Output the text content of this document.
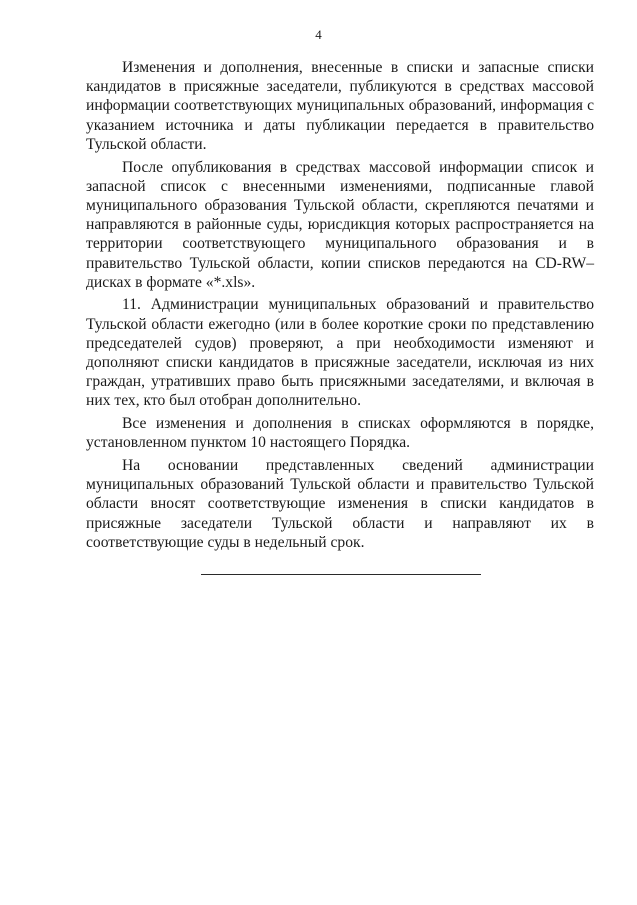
4

Изменения и дополнения, внесенные в списки и запасные списки кандидатов в присяжные заседатели, публикуются в средствах массовой информации соответствующих муниципальных образований, информация с указанием источника и даты публикации передается в правительство Тульской области.

После опубликования в средствах массовой информации список и запасной список с внесенными изменениями, подписанные главой муниципального образования Тульской области, скрепляются печатями и направляются в районные суды, юрисдикция которых распространяется на территории соответствующего муниципального образования и в правительство Тульской области, копии списков передаются на CD-RW–дисках в формате «*.xls».

11. Администрации муниципальных образований и правительство Тульской области ежегодно (или в более короткие сроки по представлению председателей судов) проверяют, а при необходимости изменяют и дополняют списки кандидатов в присяжные заседатели, исключая из них граждан, утративших право быть присяжными заседателями, и включая в них тех, кто был отобран дополнительно.

Все изменения и дополнения в списках оформляются в порядке, установленном пунктом 10 настоящего Порядка.

На основании представленных сведений администрации муниципальных образований Тульской области и правительство Тульской области вносят соответствующие изменения в списки кандидатов в присяжные заседатели Тульской области и направляют их в соответствующие суды в недельный срок.
